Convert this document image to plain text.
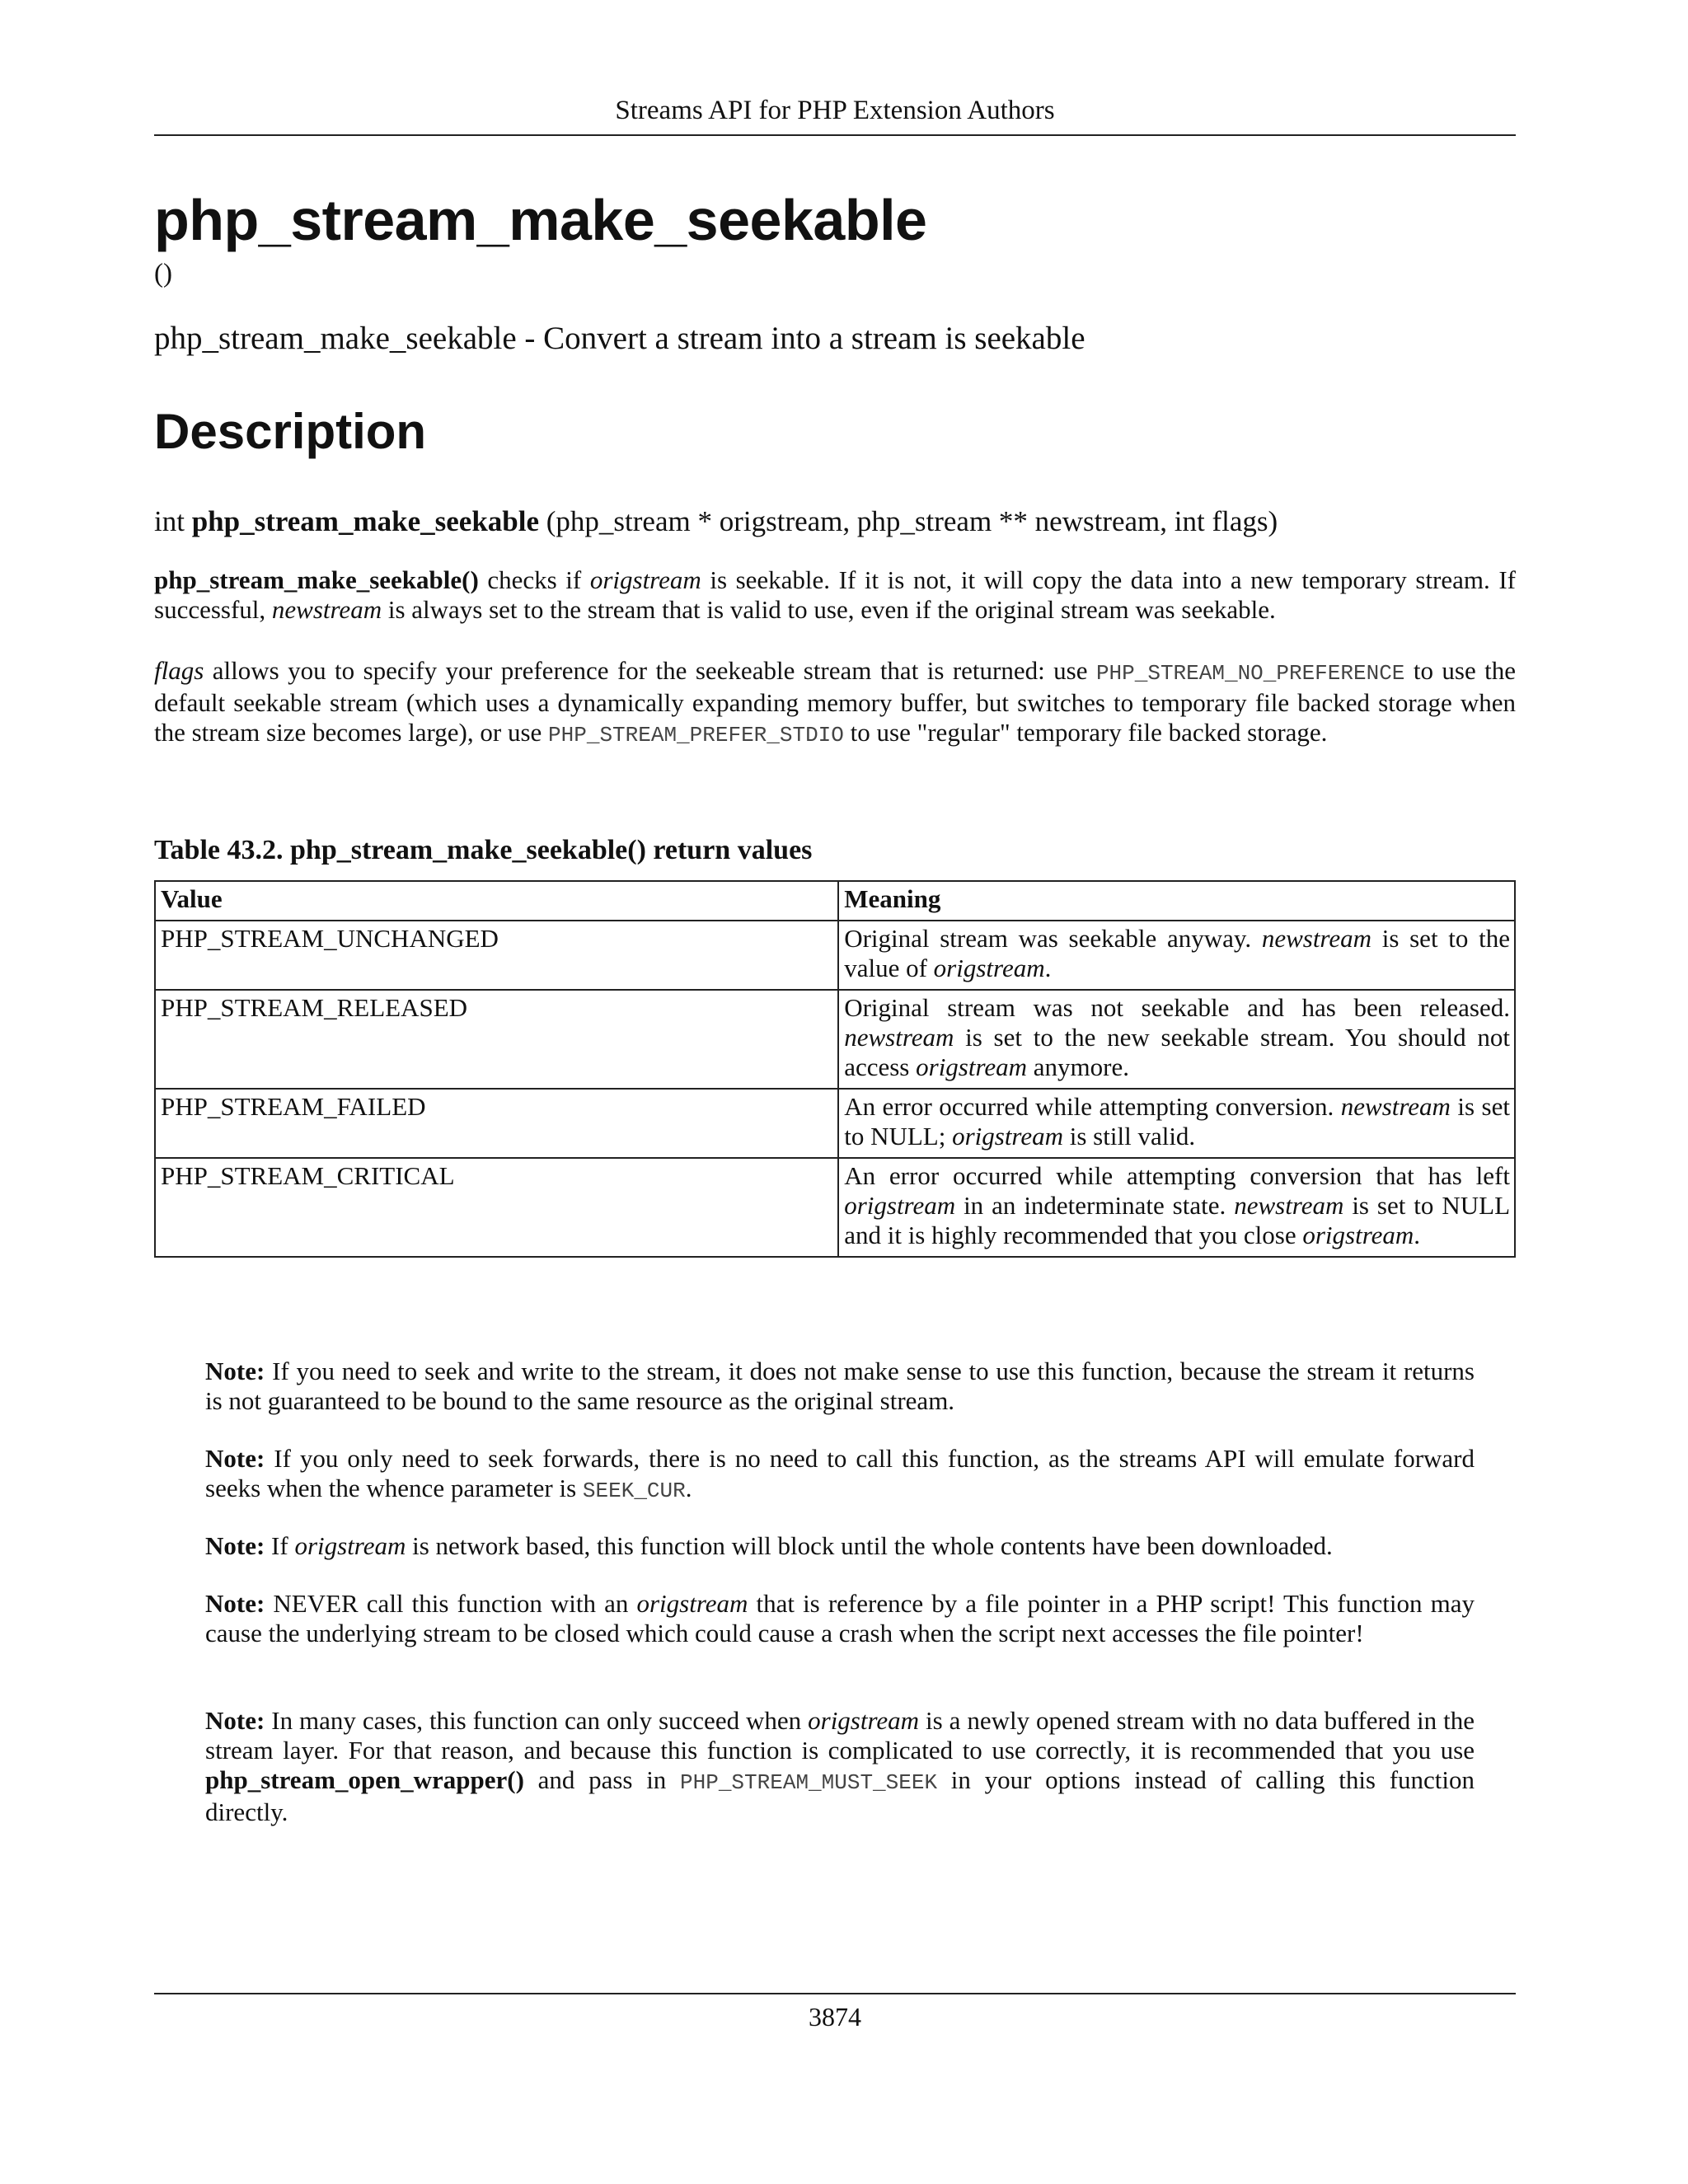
Streams API for PHP Extension Authors
php_stream_make_seekable
()
php_stream_make_seekable - Convert a stream into a stream is seekable
Description
int php_stream_make_seekable (php_stream * origstream, php_stream ** newstream, int flags)

php_stream_make_seekable() checks if origstream is seekable. If it is not, it will copy the data into a new temporary stream. If successful, newstream is always set to the stream that is valid to use, even if the original stream was seekable.

flags allows you to specify your preference for the seekeable stream that is returned: use PHP_STREAM_NO_PREFERENCE to use the default seekable stream (which uses a dynamically expanding memory buffer, but switches to temporary file backed storage when the stream size becomes large), or use PHP_STREAM_PREFER_STDIO to use "regular" temporary file backed storage.

Table 43.2. php_stream_make_seekable() return values
Value	Meaning
PHP_STREAM_UNCHANGED	Original stream was seekable anyway. newstream is set to the value of origstream.
PHP_STREAM_RELEASED	Original stream was not seekable and has been released. newstream is set to the new seekable stream. You should not access origstream anymore.
PHP_STREAM_FAILED	An error occurred while attempting conversion. newstream is set to NULL; origstream is still valid.
PHP_STREAM_CRITICAL	An error occurred while attempting conversion that has left origstream in an indeterminate state. newstream is set to NULL and it is highly recommended that you close origstream.

Note: If you need to seek and write to the stream, it does not make sense to use this function, because the stream it returns is not guaranteed to be bound to the same resource as the original stream.

Note: If you only need to seek forwards, there is no need to call this function, as the streams API will emulate forward seeks when the whence parameter is SEEK_CUR.

Note: If origstream is network based, this function will block until the whole contents have been downloaded.

Note: NEVER call this function with an origstream that is reference by a file pointer in a PHP script! This function may cause the underlying stream to be closed which could cause a crash when the script next accesses the file pointer!

Note: In many cases, this function can only succeed when origstream is a newly opened stream with no data buffered in the stream layer. For that reason, and because this function is complicated to use correctly, it is recommended that you use php_stream_open_wrapper() and pass in PHP_STREAM_MUST_SEEK in your options instead of calling this function directly.

3874
